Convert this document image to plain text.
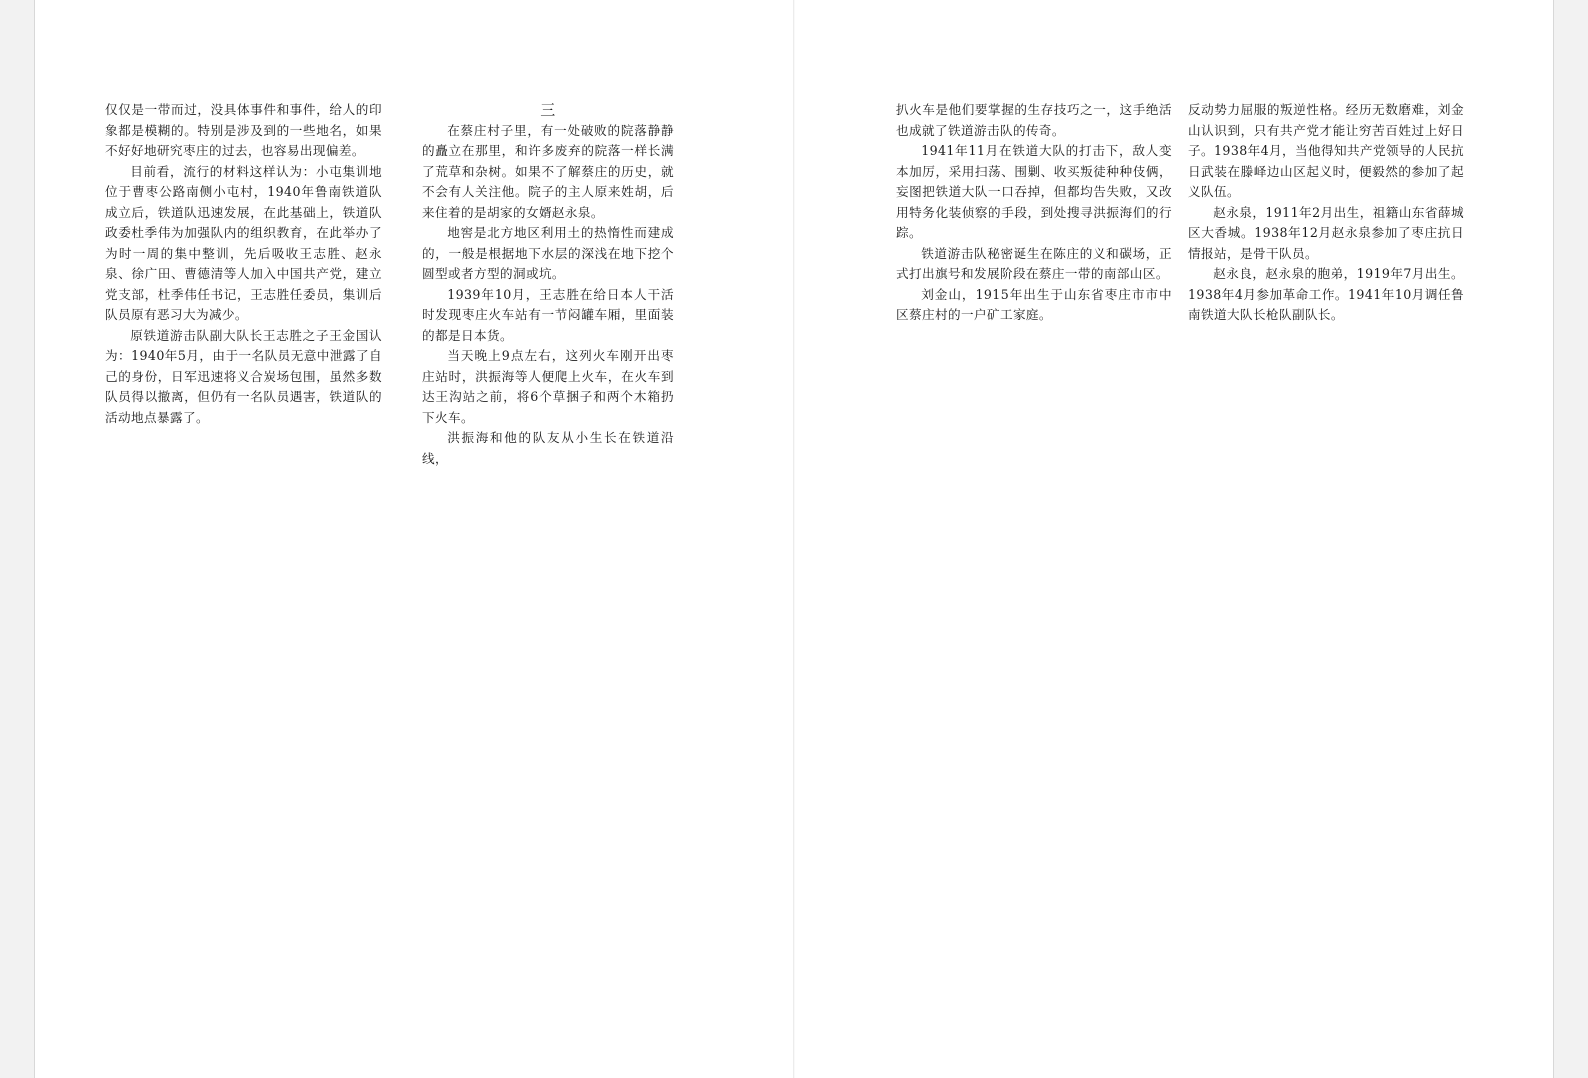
仅仅是一带而过，没具体事件和事件，给人的印象都是模糊的。特别是涉及到的一些地名，如果不好好地研究枣庄的过去，也容易出现偏差。

目前看，流行的材料这样认为：小屯集训地位于曹枣公路南侧小屯村，1940年鲁南铁道队成立后，铁道队迅速发展，在此基础上，铁道队政委杜季伟为加强队内的组织教育，在此举办了为时一周的集中整训，先后吸收王志胜、赵永泉、徐广田、曹德清等人加入中国共产党，建立党支部，杜季伟任书记，王志胜任委员，集训后队员原有恶习大为减少。

原铁道游击队副大队长王志胜之子王金国认为：1940年5月，由于一名队员无意中泄露了自己的身份，日军迅速将义合炭场包围，虽然多数队员得以撤离，但仍有一名队员遇害，铁道队的活动地点暴露了。

三

在蔡庄村子里，有一处破败的院落静静的矗立在那里，和许多废弃的院落一样长满了荒草和杂树。如果不了解蔡庄的历史，就不会有人关注他。院子的主人原来姓胡，后来住着的是胡家的女婿赵永泉。

地窖是北方地区利用土的热惰性而建成的，一般是根据地下水层的深浅在地下挖个圆型或者方型的洞或坑。

1939年10月，王志胜在给日本人干活时发现枣庄火车站有一节闷罐车厢，里面装的都是日本货。

当天晚上9点左右，这列火车刚开出枣庄站时，洪振海等人便爬上火车，在火车到达王沟站之前，将6个草捆子和两个木箱扔下火车。

洪振海和他的队友从小生长在铁道沿线，

扒火车是他们要掌握的生存技巧之一，这手绝活也成就了铁道游击队的传奇。

1941年11月在铁道大队的打击下，敌人变本加厉，采用扫荡、围剿、收买叛徒种种伎俩，妄图把铁道大队一口吞掉，但都均告失败，又改用特务化装侦察的手段，到处搜寻洪振海们的行踪。

铁道游击队秘密诞生在陈庄的义和碳场，正式打出旗号和发展阶段在蔡庄一带的南部山区。

刘金山，1915年出生于山东省枣庄市市中区蔡庄村的一户矿工家庭。

反动势力屈服的叛逆性格。经历无数磨难，刘金山认识到，只有共产党才能让穷苦百姓过上好日子。1938年4月，当他得知共产党领导的人民抗日武装在滕峄边山区起义时，便毅然的参加了起义队伍。

赵永泉，1911年2月出生，祖籍山东省薛城区大香城。1938年12月赵永泉参加了枣庄抗日情报站，是骨干队员。

赵永良，赵永泉的胞弟，1919年7月出生。1938年4月参加革命工作。1941年10月调任鲁南铁道大队长枪队副队长。
